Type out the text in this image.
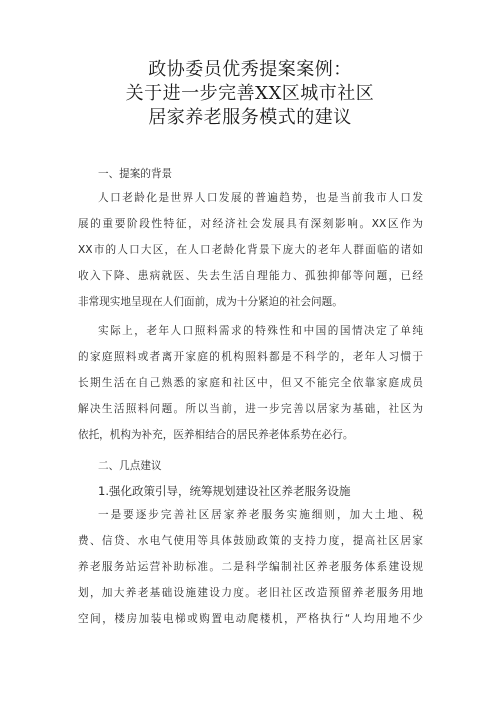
政协委员优秀提案案例：
关于进一步完善XX区城市社区
居家养老服务模式的建议
一、提案的背景
人口老龄化是世界人口发展的普遍趋势，也是当前我市人口发
展的重要阶段性特征，对经济社会发展具有深刻影响。XX区作为
XX市的人口大区，在人口老龄化背景下庞大的老年人群面临的诸如
收入下降、患病就医、失去生活自理能力、孤独抑郁等问题，已经
非常现实地呈现在人们面前，成为十分紧迫的社会问题。
实际上，老年人口照料需求的特殊性和中国的国情决定了单纯
的家庭照料或者离开家庭的机构照料都是不科学的，老年人习惯于
长期生活在自己熟悉的家庭和社区中，但又不能完全依靠家庭成员
解决生活照料问题。所以当前，进一步完善以居家为基础，社区为
依托，机构为补充，医养相结合的居民养老体系势在必行。
二、几点建议
1.强化政策引导，统筹规划建设社区养老服务设施
一是要逐步完善社区居家养老服务实施细则，加大土地、税
费、信贷、水电气使用等具体鼓励政策的支持力度，提高社区居家
养老服务站运营补助标准。二是科学编制社区养老服务体系建设规
划，加大养老基础设施建设力度。老旧社区改造预留养老服务用地
空间，楼房加装电梯或购置电动爬楼机，严格执行“人均用地不少
